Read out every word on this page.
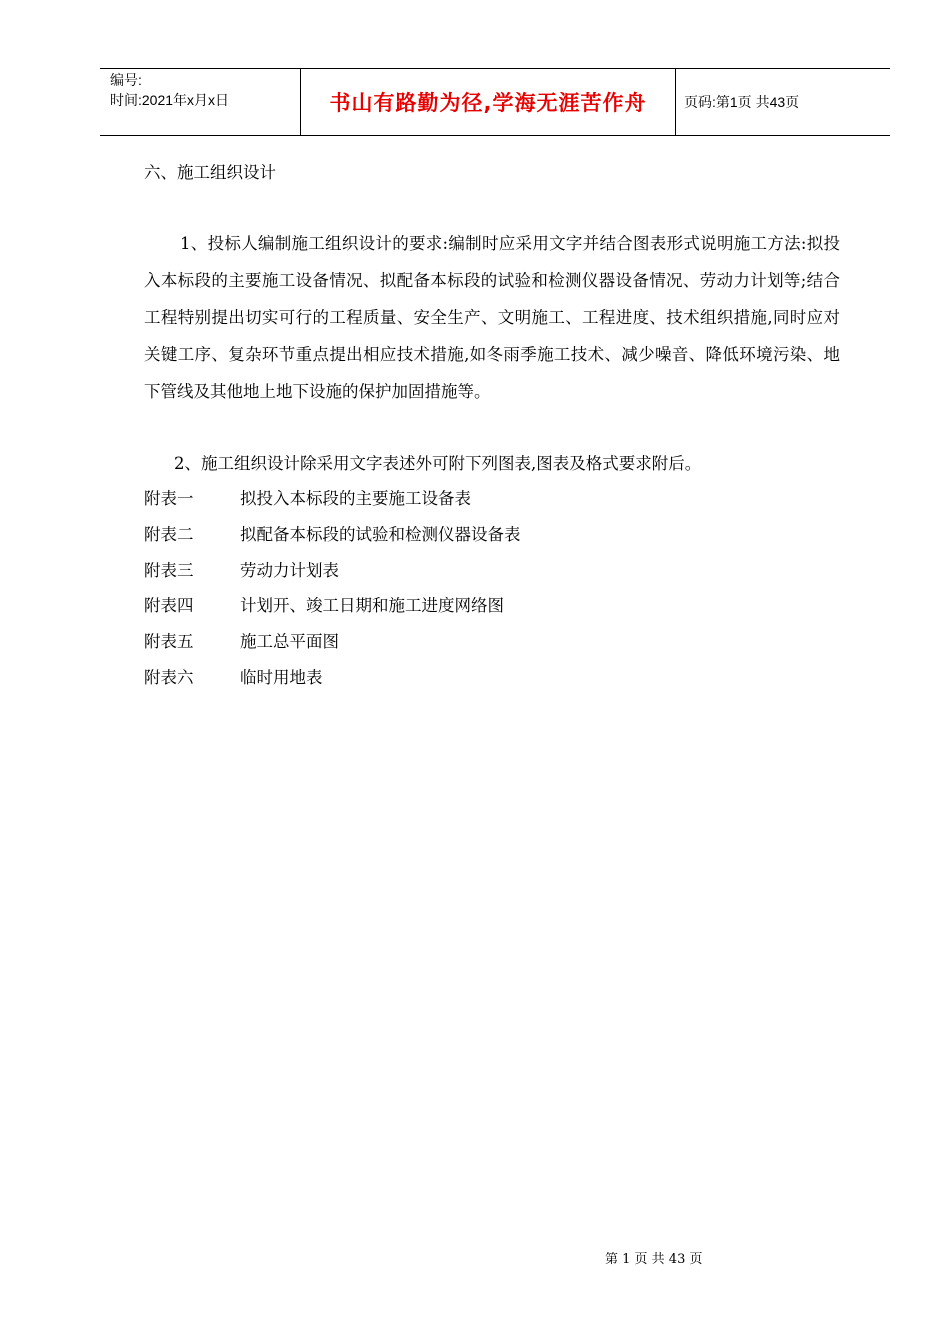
编号:
时间:2021年x月x日	书山有路勤为径,学海无涯苦作舟	页码:第1页 共43页
六、施工组织设计
1、投标人编制施工组织设计的要求:编制时应采用文字并结合图表形式说明施工方法:拟投入本标段的主要施工设备情况、拟配备本标段的试验和检测仪器设备情况、劳动力计划等;结合工程特别提出切实可行的工程质量、安全生产、文明施工、工程进度、技术组织措施,同时应对关键工序、复杂环节重点提出相应技术措施,如冬雨季施工技术、减少噪音、降低环境污染、地下管线及其他地上地下设施的保护加固措施等。
2、施工组织设计除采用文字表述外可附下列图表,图表及格式要求附后。
附表一	拟投入本标段的主要施工设备表
附表二	拟配备本标段的试验和检测仪器设备表
附表三	劳动力计划表
附表四	计划开、竣工日期和施工进度网络图
附表五	施工总平面图
附表六	临时用地表
第 1 页 共 43 页
